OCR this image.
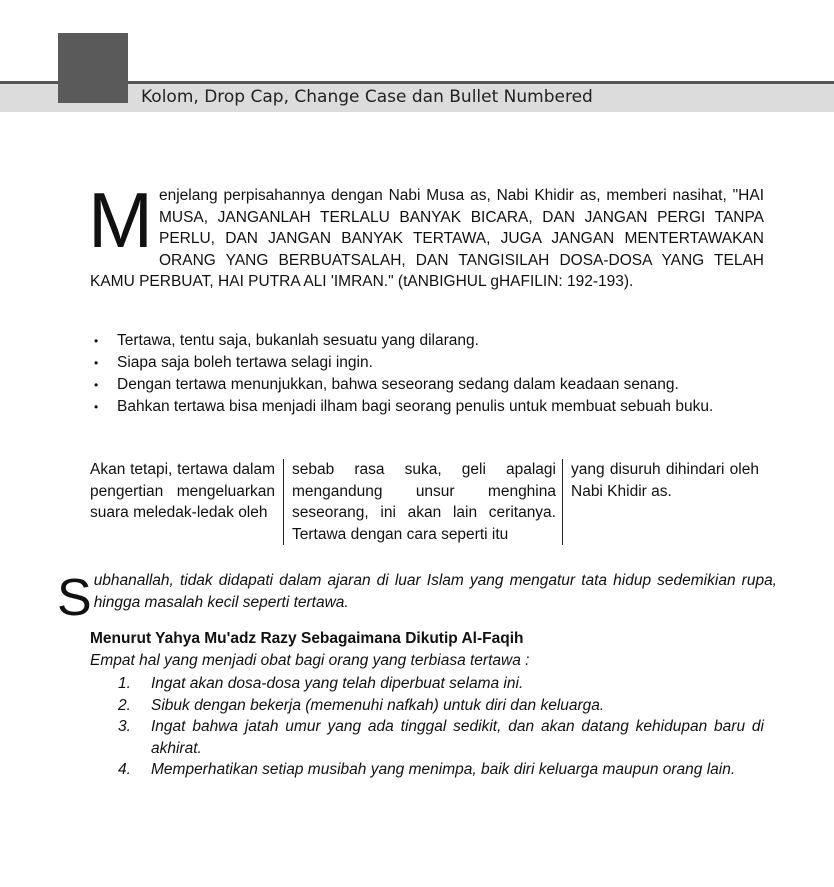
Kolom, Drop Cap, Change Case dan Bullet Numbered
Menjelang perpisahannya dengan Nabi Musa as, Nabi Khidir as, memberi nasihat, "HAI MUSA, JANGANLAH TERLALU BANYAK BICARA, DAN JANGAN PERGI TANPA PERLU, DAN JANGAN BANYAK TERTAWA, JUGA JANGAN MENTERTAWAKAN ORANG YANG BERBUATSALAH, DAN TANGISILAH DOSA-DOSA YANG TELAH KAMU PERBUAT, HAI PUTRA ALI 'IMRAN." (tANBIGHUL gHAFILIN: 192-193).
• Tertawa, tentu saja, bukanlah sesuatu yang dilarang.
• Siapa saja boleh tertawa selagi ingin.
• Dengan tertawa menunjukkan, bahwa seseorang sedang dalam keadaan senang.
• Bahkan tertawa bisa menjadi ilham bagi seorang penulis untuk membuat sebuah buku.
Akan tetapi, tertawa dalam pengertian mengeluarkan suara meledak-ledak oleh
sebab rasa suka, geli apalagi mengandung unsur menghina seseorang, ini akan lain ceritanya. Tertawa dengan cara seperti itu
yang disuruh dihindari oleh Nabi Khidir as.
Subhanallah, tidak didapati dalam ajaran di luar Islam yang mengatur tata hidup sedemikian rupa, hingga masalah kecil seperti tertawa.
Menurut Yahya Mu'adz Razy Sebagaimana Dikutip Al-Faqih
Empat hal yang menjadi obat bagi orang yang terbiasa tertawa :
1. Ingat akan dosa-dosa yang telah diperbuat selama ini.
2. Sibuk dengan bekerja (memenuhi nafkah) untuk diri dan keluarga.
3. Ingat bahwa jatah umur yang ada tinggal sedikit, dan akan datang kehidupan baru di akhirat.
4. Memperhatikan setiap musibah yang menimpa, baik diri keluarga maupun orang lain.
